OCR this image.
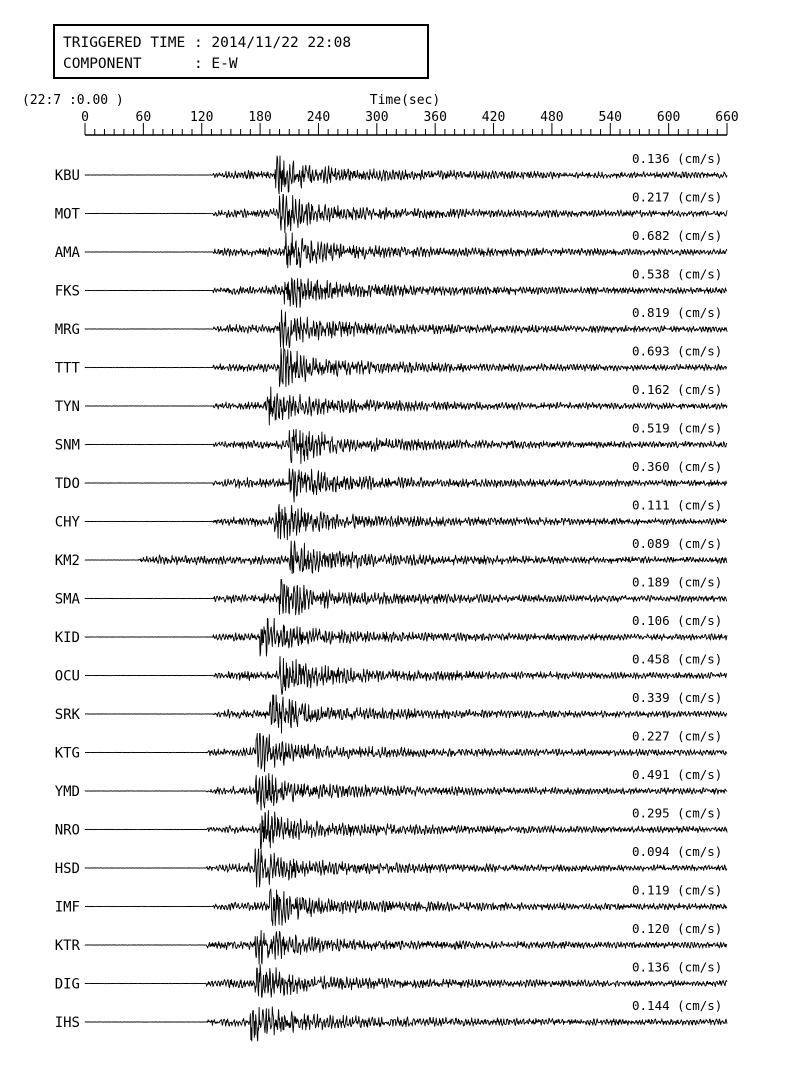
TRIGGERED TIME : 2014/11/22 22:08
COMPONENT      : E-W
(22:7 :0.00 )	Time(sec)
0	60	120	180	240	300	360	420	480	540	600	660
KBU
0.136 (cm/s)
MOT
0.217 (cm/s)
AMA
0.682 (cm/s)
FKS
0.538 (cm/s)
MRG
0.819 (cm/s)
TTT
0.693 (cm/s)
TYN
0.162 (cm/s)
SNM
0.519 (cm/s)
TDO
0.360 (cm/s)
CHY
0.111 (cm/s)
KM2
0.089 (cm/s)
SMA
0.189 (cm/s)
KID
0.106 (cm/s)
OCU
0.458 (cm/s)
SRK
0.339 (cm/s)
KTG
0.227 (cm/s)
YMD
0.491 (cm/s)
NRO
0.295 (cm/s)
HSD
0.094 (cm/s)
IMF
0.119 (cm/s)
KTR
0.120 (cm/s)
DIG
0.136 (cm/s)
IHS
0.144 (cm/s)
